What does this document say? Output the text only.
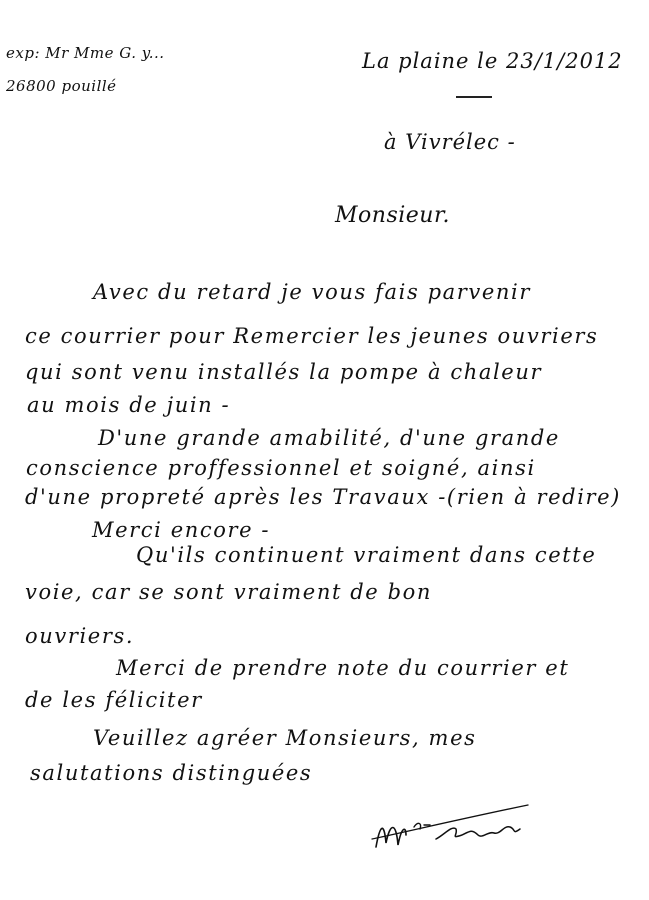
exp: Mr Mme G. y...
26800 pouillé
La plaine le 23/1/2012
à Vivrélec -
Monsieur.
Avec du retard je vous fais parvenir
ce courrier pour Remercier les jeunes ouvriers
qui sont venu installés la pompe à chaleur
au mois de juin -
D'une grande amabilité, d'une grande
conscience proffessionnel et soigné, ainsi
d'une propreté après les Travaux -(rien à redire)
Merci encore -
Qu'ils continuent vraiment dans cette
voie, car se sont vraiment de bon
ouvriers.
Merci de prendre note du courrier et
de les féliciter
Veuillez agréer Monsieurs, mes
salutations distinguées
